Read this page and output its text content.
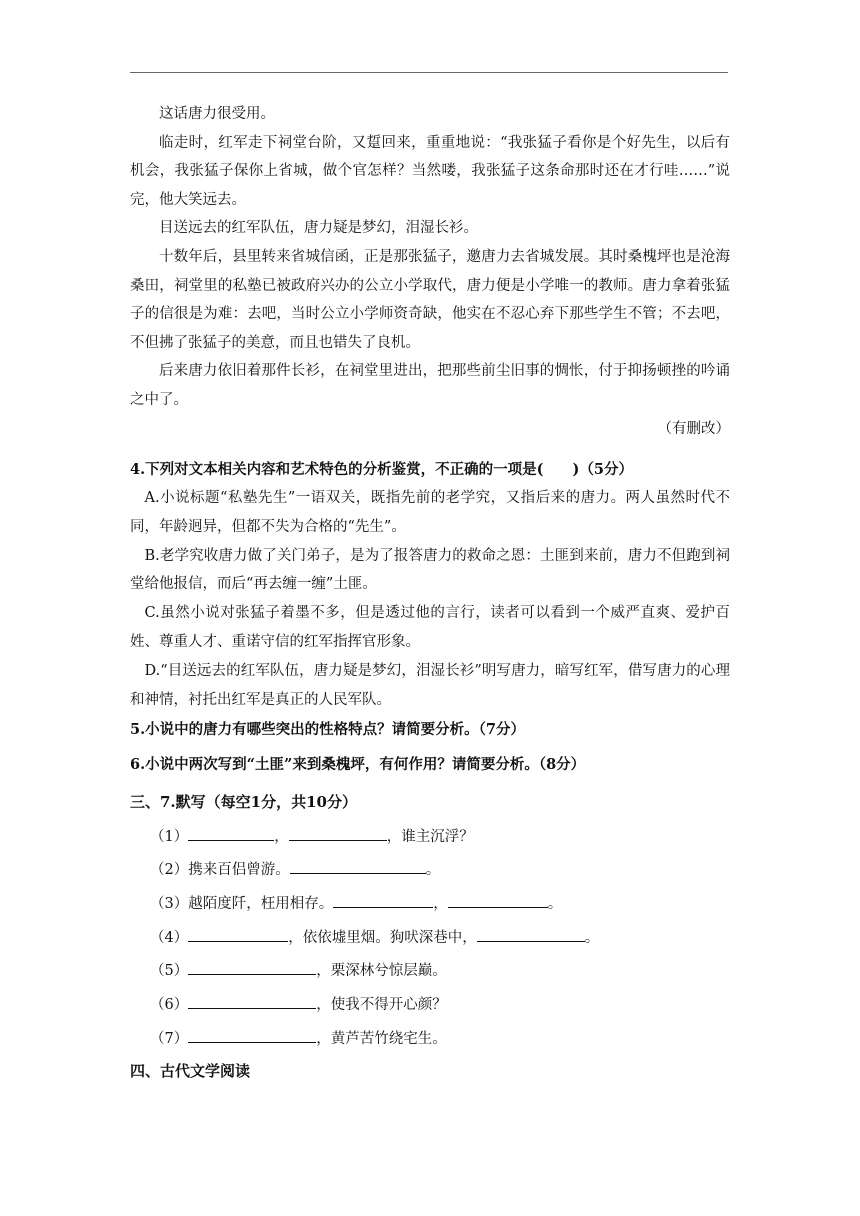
这话唐力很受用。

临走时，红军走下祠堂台阶，又踅回来，重重地说：“我张猛子看你是个好先生，以后有机会，我张猛子保你上省城，做个官怎样？当然喽，我张猛子这条命那时还在才行哇……”说完，他大笑远去。

目送远去的红军队伍，唐力疑是梦幻，泪湿长衫。

十数年后，县里转来省城信函，正是那张猛子，邀唐力去省城发展。其时桑槐坪也是沧海桑田，祠堂里的私塾已被政府兴办的公立小学取代，唐力便是小学唯一的教师。唐力拿着张猛子的信很是为难：去吧，当时公立小学师资奇缺，他实在不忍心弃下那些学生不管；不去吧，不但拂了张猛子的美意，而且也错失了良机。

后来唐力依旧着那件长衫，在祠堂里进出，把那些前尘旧事的惆怅，付于抑扬顿挫的吟诵之中了。

（有删改）

4.下列对文本相关内容和艺术特色的分析鉴赏，不正确的一项是(　　)（5分）

A.小说标题“私塾先生”一语双关，既指先前的老学究，又指后来的唐力。两人虽然时代不同，年龄迥异，但都不失为合格的“先生”。

B.老学究收唐力做了关门弟子，是为了报答唐力的救命之恩：土匪到来前，唐力不但跑到祠堂给他报信，而后“再去缠一缠”土匪。

C.虽然小说对张猛子着墨不多，但是透过他的言行，读者可以看到一个威严直爽、爱护百姓、尊重人才、重诺守信的红军指挥官形象。

D.“目送远去的红军队伍，唐力疑是梦幻，泪湿长衫”明写唐力，暗写红军，借写唐力的心理和神情，衬托出红军是真正的人民军队。

5.小说中的唐力有哪些突出的性格特点？请简要分析。（7分）
6.小说中两次写到“土匪”来到桑槐坪，有何作用？请简要分析。（8分）
三、7.默写（每空1分，共10分）
（1）	，	，谁主沉浮？
（2）携来百侣曾游。	。
（3）越陌度阡，枉用相存。	，	。
（4）	，依依墟里烟。狗吠深巷中，	。
（5）	，栗深林兮惊层巅。
（6）	，使我不得开心颜？
（7）	，黄芦苦竹绕宅生。
四、古代文学阅读
